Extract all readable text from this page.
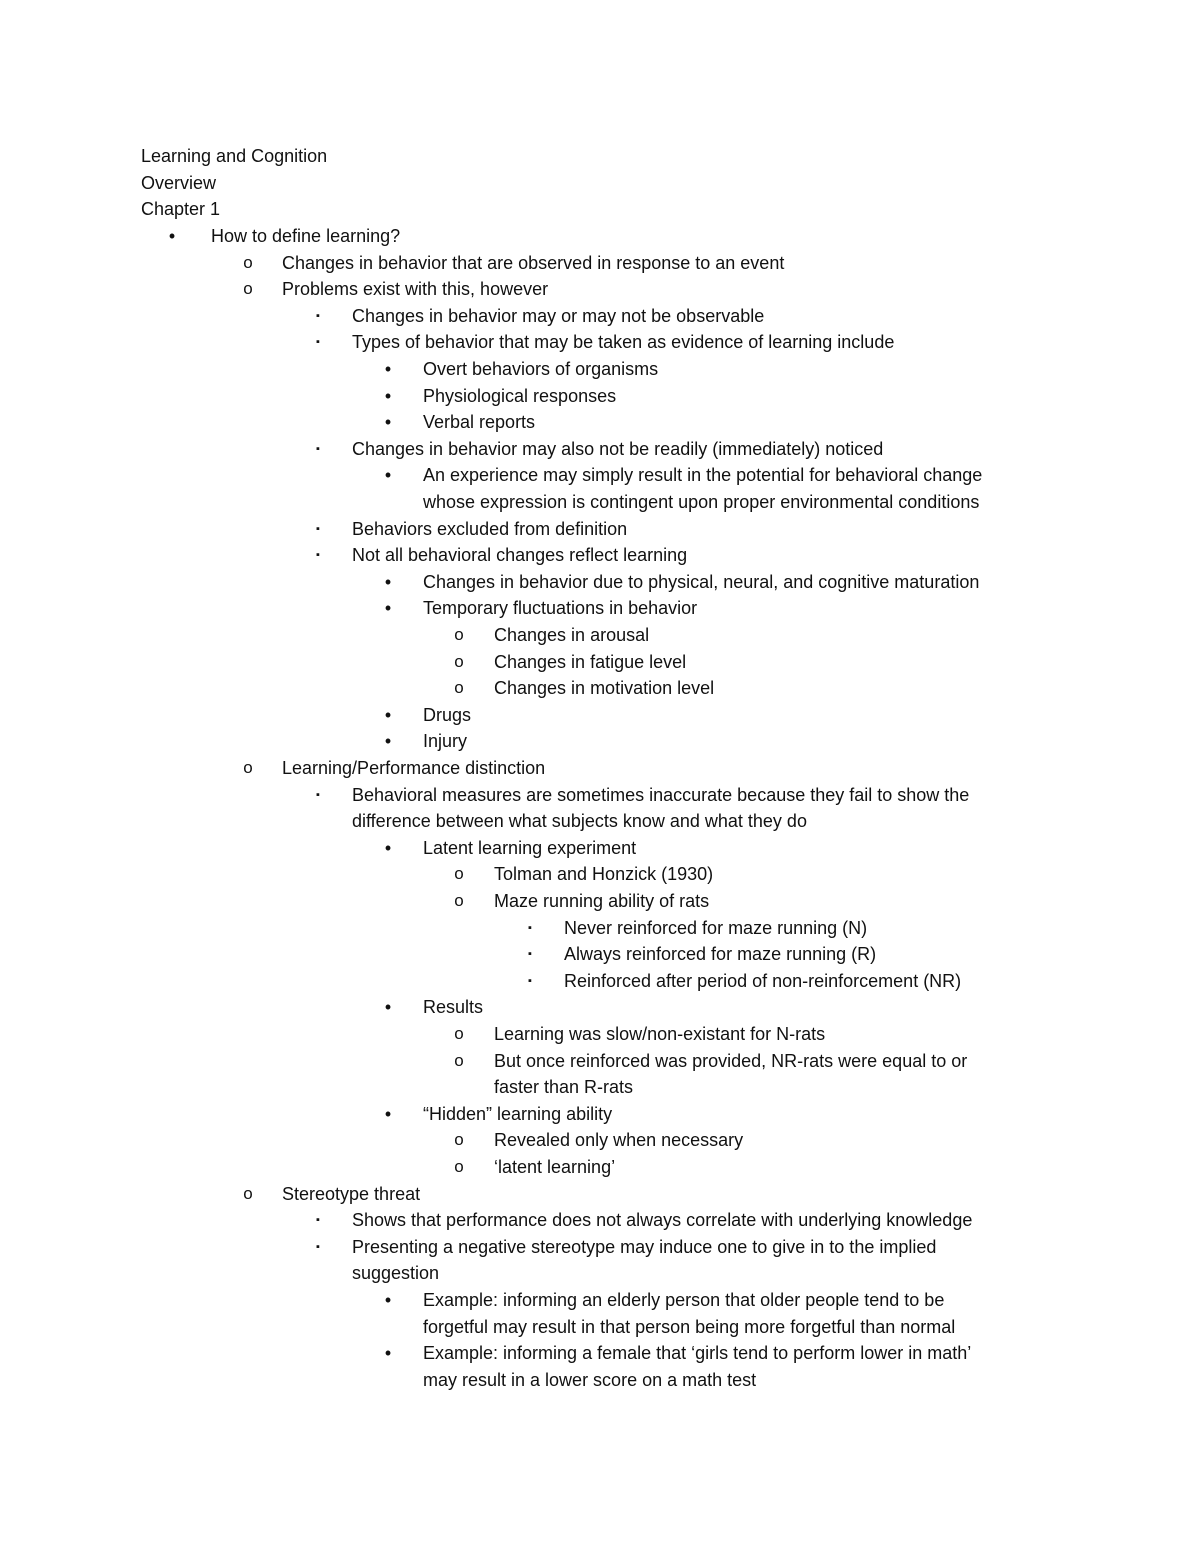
Learning and Cognition
Overview
Chapter 1
•	How to define learning?
o Changes in behavior that are observed in response to an event
o Problems exist with this, however
▪	Changes in behavior may or may not be observable
▪	Types of behavior that may be taken as evidence of learning include
•	Overt behaviors of organisms
•	Physiological responses
•	Verbal reports
▪	Changes in behavior may also not be readily (immediately) noticed
•	An experience may simply result in the potential for behavioral change
whose expression is contingent upon proper environmental conditions
▪	Behaviors excluded from definition
▪	Not all behavioral changes reflect learning
•	Changes in behavior due to physical, neural, and cognitive maturation
•	Temporary fluctuations in behavior
o Changes in arousal
o Changes in fatigue level
o Changes in motivation level
•	Drugs
•	Injury
o Learning/Performance distinction
▪	Behavioral measures are sometimes inaccurate because they fail to show the
difference between what subjects know and what they do
•	Latent learning experiment
o Tolman and Honzick (1930)
o Maze running ability of rats
▪	Never reinforced for maze running (N)
▪	Always reinforced for maze running (R)
▪	Reinforced after period of non-reinforcement (NR)
•	Results
o Learning was slow/non-existant for N-rats
o But once reinforced was provided, NR-rats were equal to or
faster than R-rats
•	“Hidden” learning ability
o Revealed only when necessary
o ‘latent learning’
o Stereotype threat
▪	Shows that performance does not always correlate with underlying knowledge
▪	Presenting a negative stereotype may induce one to give in to the implied
suggestion
•	Example: informing an elderly person that older people tend to be
forgetful may result in that person being more forgetful than normal
•	Example: informing a female that ‘girls tend to perform lower in math’
may result in a lower score on a math test
